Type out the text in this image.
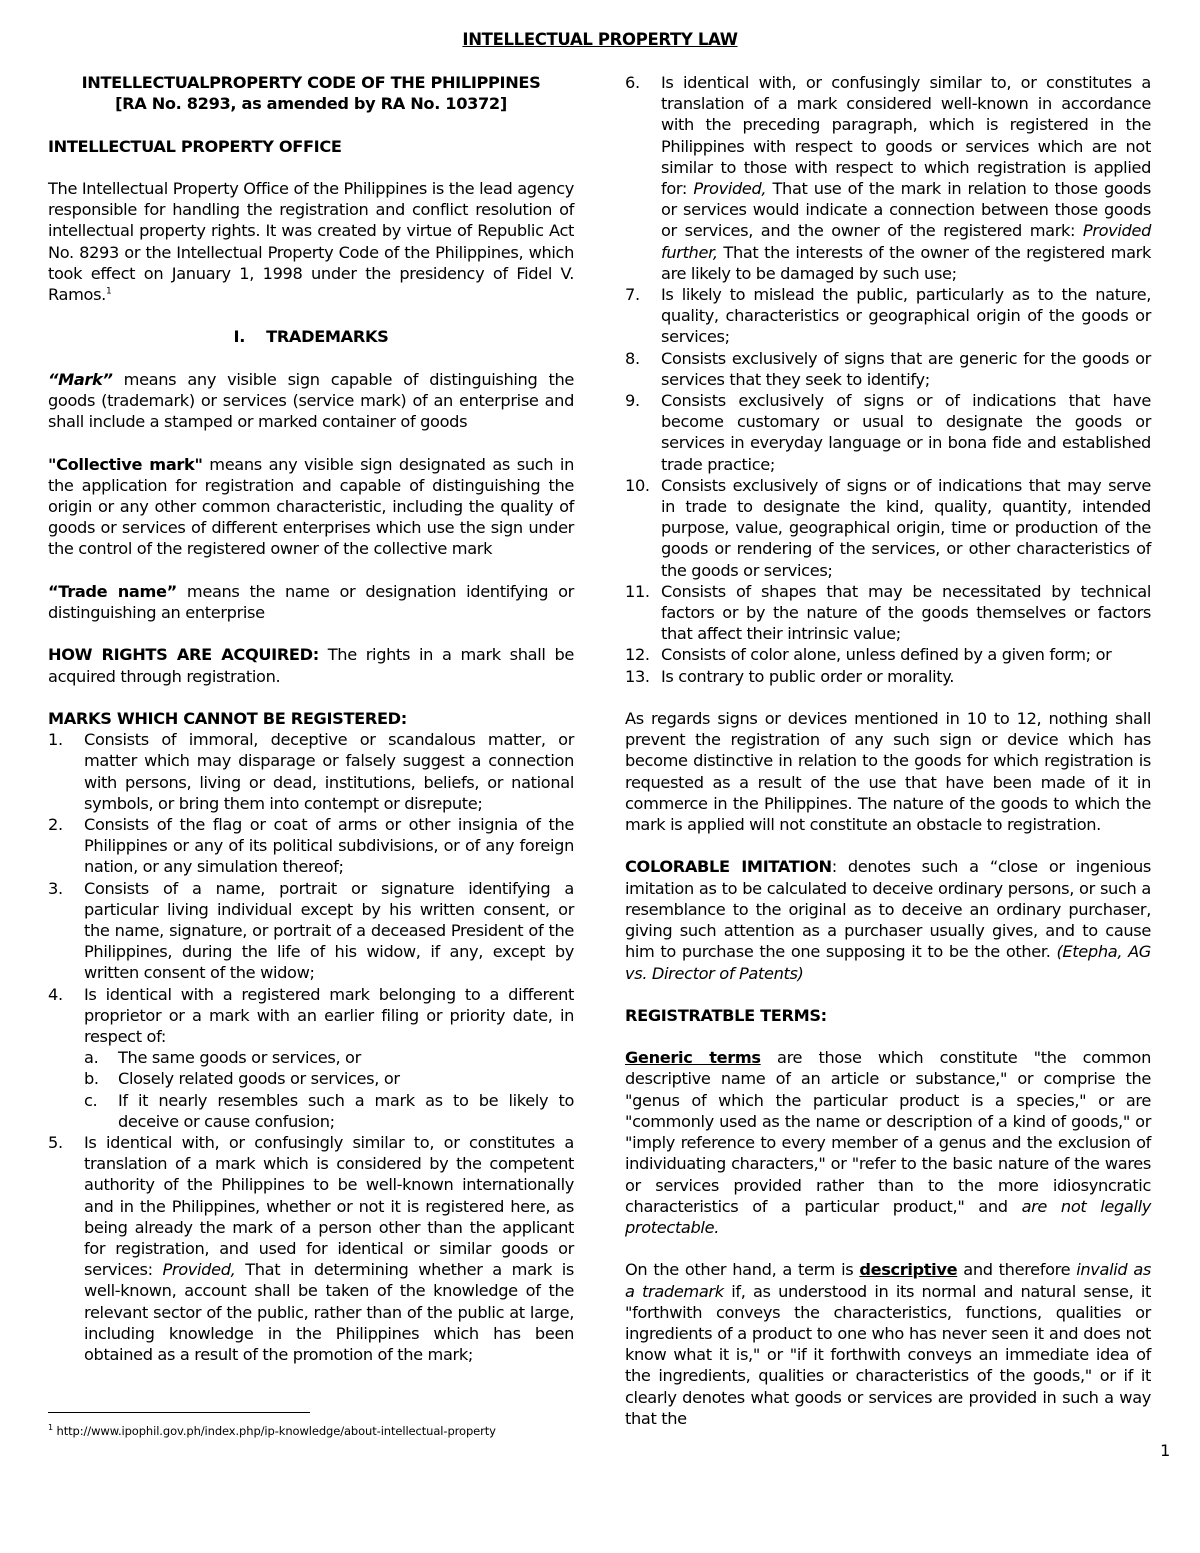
INTELLECTUAL PROPERTY LAW

INTELLECTUALPROPERTY CODE OF THE PHILIPPINES

[RA No. 8293, as amended by RA No. 10372]

INTELLECTUAL PROPERTY OFFICE

The Intellectual Property Office of the Philippines is the lead agency responsible for handling the registration and conflict resolution of intellectual property rights. It was created by virtue of Republic Act No. 8293 or the Intellectual Property Code of the Philippines, which took effect on January 1, 1998 under the presidency of Fidel V. Ramos.$^1$

I.    TRADEMARKS

“Mark” means any visible sign capable of distinguishing the goods (trademark) or services (service mark) of an enterprise and shall include a stamped or marked container of goods

"Collective mark" means any visible sign designated as such in the application for registration and capable of distinguishing the origin or any other common characteristic, including the quality of goods or services of different enterprises which use the sign under the control of the registered owner of the collective mark

“Trade name” means the name or designation identifying or distinguishing an enterprise

HOW RIGHTS ARE ACQUIRED: The rights in a mark shall be acquired through registration.

MARKS WHICH CANNOT BE REGISTERED:

1. Consists of immoral, deceptive or scandalous matter, or matter which may disparage or falsely suggest a connection with persons, living or dead, institutions, beliefs, or national symbols, or bring them into contempt or disrepute;
2. Consists of the flag or coat of arms or other insignia of the Philippines or any of its political subdivisions, or of any foreign nation, or any simulation thereof;
3. Consists of a name, portrait or signature identifying a particular living individual except by his written consent, or the name, signature, or portrait of a deceased President of the Philippines, during the life of his widow, if any, except by written consent of the widow;
4. Is identical with a registered mark belonging to a different proprietor or a mark with an earlier filing or priority date, in respect of:
a. The same goods or services, or
b. Closely related goods or services, or
c. If it nearly resembles such a mark as to be likely to deceive or cause confusion;
5. Is identical with, or confusingly similar to, or constitutes a translation of a mark which is considered by the competent authority of the Philippines to be well-known internationally and in the Philippines, whether or not it is registered here, as being already the mark of a person other than the applicant for registration, and used for identical or similar goods or services: Provided, That in determining whether a mark is well-known, account shall be taken of the knowledge of the relevant sector of the public, rather than of the public at large, including knowledge in the Philippines which has been obtained as a result of the promotion of the mark;
6. Is identical with, or confusingly similar to, or constitutes a translation of a mark considered well-known in accordance with the preceding paragraph, which is registered in the Philippines with respect to goods or services which are not similar to those with respect to which registration is applied for: Provided, That use of the mark in relation to those goods or services would indicate a connection between those goods or services, and the owner of the registered mark: Provided further, That the interests of the owner of the registered mark are likely to be damaged by such use;
7. Is likely to mislead the public, particularly as to the nature, quality, characteristics or geographical origin of the goods or services;
8. Consists exclusively of signs that are generic for the goods or services that they seek to identify;
9. Consists exclusively of signs or of indications that have become customary or usual to designate the goods or services in everyday language or in bona fide and established trade practice;
10. Consists exclusively of signs or of indications that may serve in trade to designate the kind, quality, quantity, intended purpose, value, geographical origin, time or production of the goods or rendering of the services, or other characteristics of the goods or services;
11. Consists of shapes that may be necessitated by technical factors or by the nature of the goods themselves or factors that affect their intrinsic value;
12. Consists of color alone, unless defined by a given form; or
13. Is contrary to public order or morality.

As regards signs or devices mentioned in 10 to 12, nothing shall prevent the registration of any such sign or device which has become distinctive in relation to the goods for which registration is requested as a result of the use that have been made of it in commerce in the Philippines. The nature of the goods to which the mark is applied will not constitute an obstacle to registration.

COLORABLE IMITATION: denotes such a “close or ingenious imitation as to be calculated to deceive ordinary persons, or such a resemblance to the original as to deceive an ordinary purchaser, giving such attention as a purchaser usually gives, and to cause him to purchase the one supposing it to be the other. (Etepha, AG vs. Director of Patents)

REGISTRATBLE TERMS:

Generic terms are those which constitute "the common descriptive name of an article or substance," or comprise the "genus of which the particular product is a species," or are "commonly used as the name or description of a kind of goods," or "imply reference to every member of a genus and the exclusion of individuating characters," or "refer to the basic nature of the wares or services provided rather than to the more idiosyncratic characteristics of a particular product," and are not legally protectable.

On the other hand, a term is descriptive and therefore invalid as a trademark if, as understood in its normal and natural sense, it "forthwith conveys the characteristics, functions, qualities or ingredients of a product to one who has never seen it and does not know what it is," or "if it forthwith conveys an immediate idea of the ingredients, qualities or characteristics of the goods," or if it clearly denotes what goods or services are provided in such a way that the

$^1$ http://www.ipophil.gov.ph/index.php/ip-knowledge/about-intellectual-property
1
